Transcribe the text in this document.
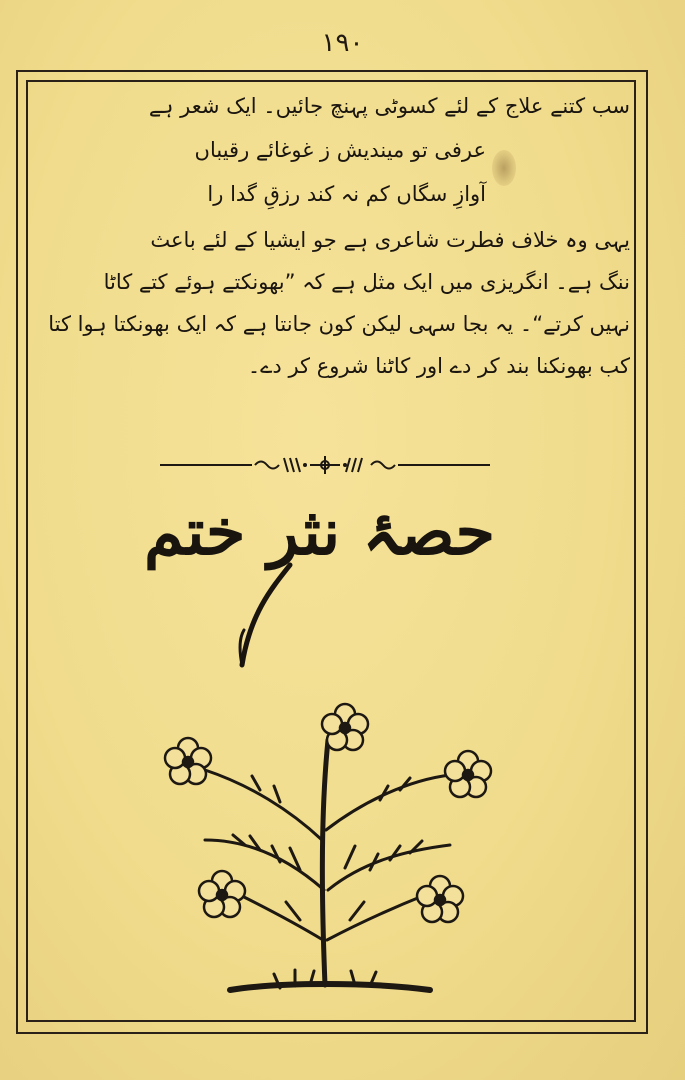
١٩٠
سب کتنے علاج کے لئے کسوٹی پہنچ جائیں۔ ایک شعر ہے
عرفی تو میندیش ز غوغائے رقیباں
آوازِ سگاں کم نہ کند رزقِ گدا را
یہی وہ خلاف فطرت شاعری ہے جو ایشیا کے لئے باعث
ننگ ہے۔ انگریزی میں ایک مثل ہے کہ ”بھونکتے ہوئے کتے کاٹا
نہیں کرتے“۔ یہ بجا سہی لیکن کون جانتا ہے کہ ایک بھونکتا ہوا کتا
کب بھونکنا بند کر دے اور کاٹنا شروع کر دے۔
حصۂ نثر ختم
